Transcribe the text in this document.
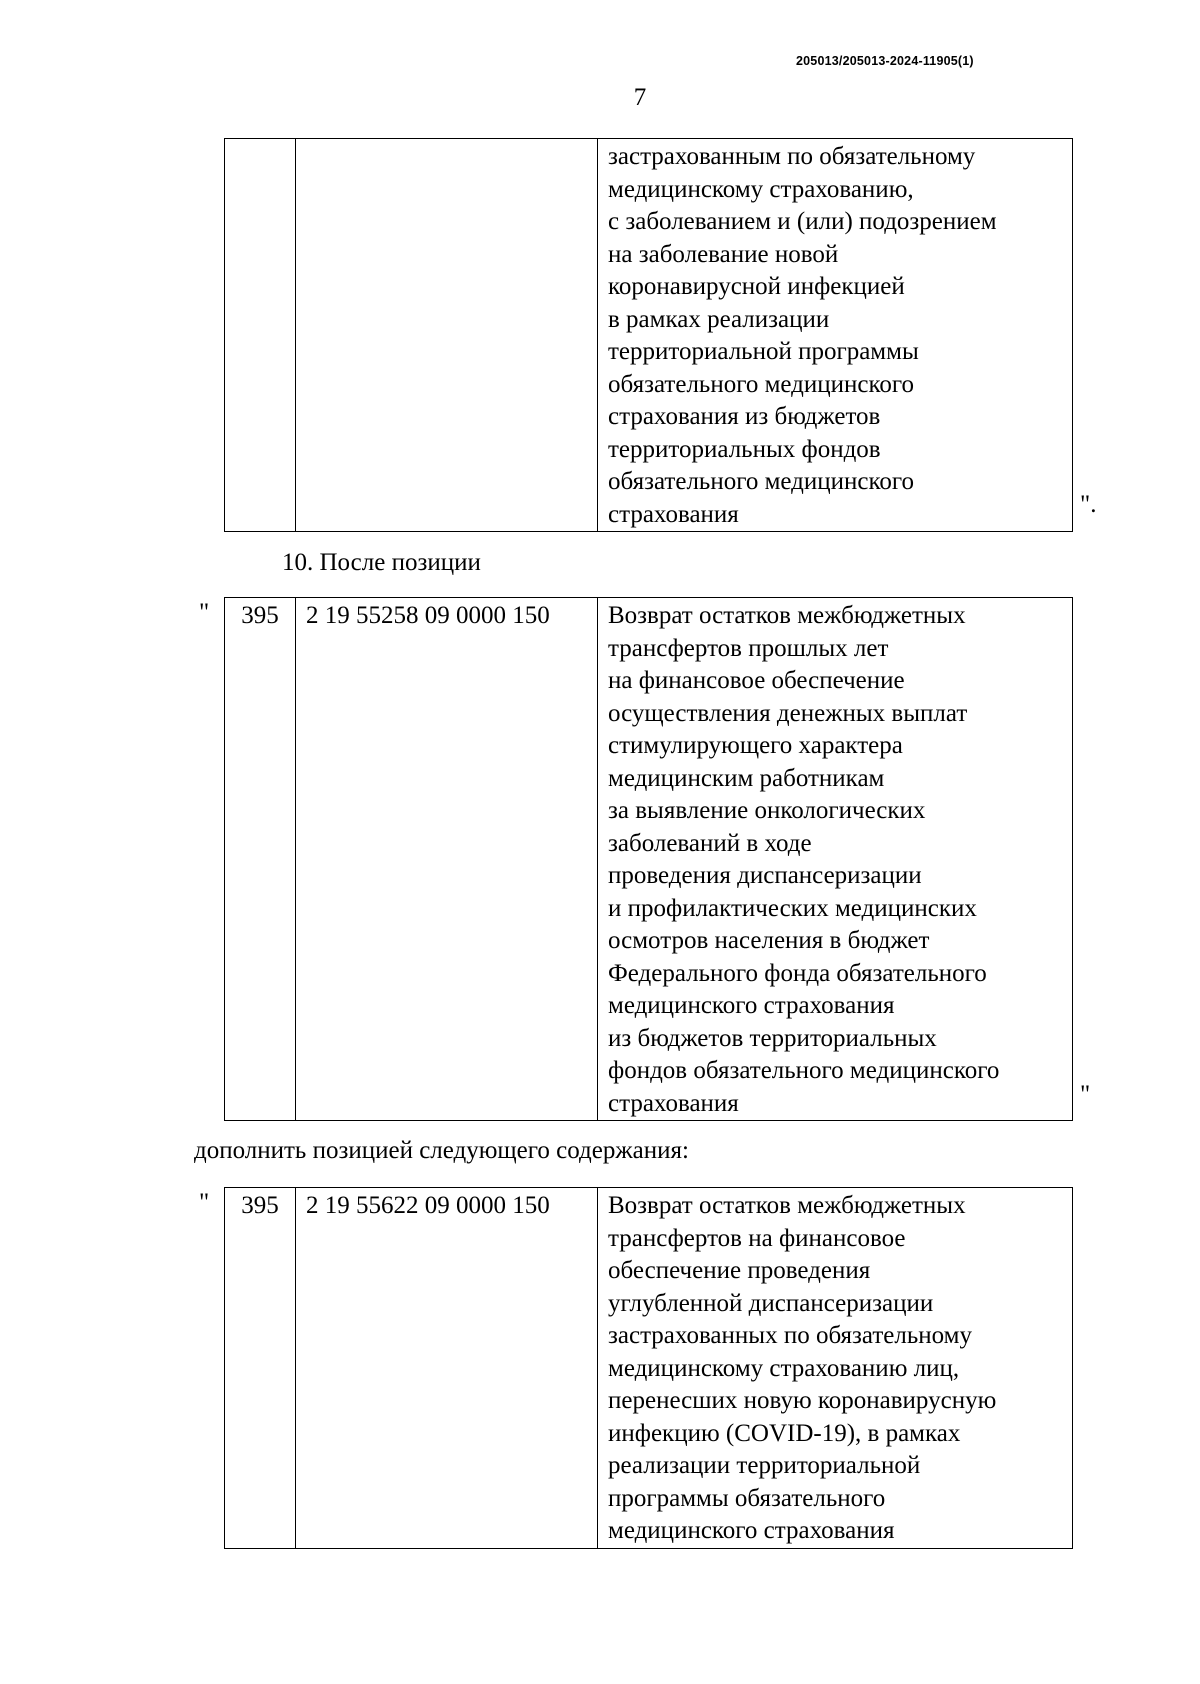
205013/205013-2024-11905(1)
7

застрахованным по обязательному
медицинскому страхованию,
с заболеванием и (или) подозрением
на заболевание новой
коронавирусной инфекцией
в рамках реализации
территориальной программы
обязательного медицинского
страхования из бюджетов
территориальных фондов
обязательного медицинского
страхования	".
10. После позиции
" 395	2 19 55258 09 0000 150	Возврат остатков межбюджетных
трансфертов прошлых лет
на финансовое обеспечение
осуществления денежных выплат
стимулирующего характера
медицинским работникам
за выявление онкологических
заболеваний в ходе
проведения диспансеризации
и профилактических медицинских
осмотров населения в бюджет
Федерального фонда обязательного
медицинского страхования
из бюджетов территориальных
фондов обязательного медицинского
страхования	"
дополнить позицией следующего содержания:
" 395	2 19 55622 09 0000 150	Возврат остатков межбюджетных
трансфертов на финансовое
обеспечение проведения
углубленной диспансеризации
застрахованных по обязательному
медицинскому страхованию лиц,
перенесших новую коронавирусную
инфекцию (COVID-19), в рамках
реализации территориальной
программы обязательного
медицинского страхования
